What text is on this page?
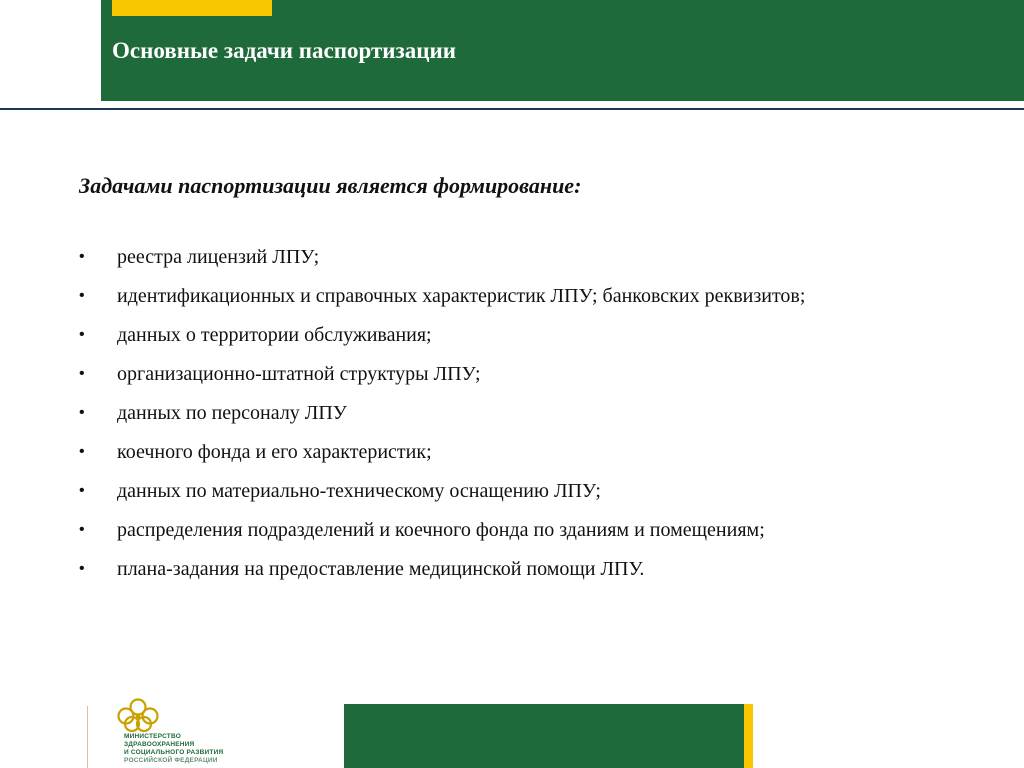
Основные задачи паспортизации

Задачами паспортизации является формирование:

•	реестра лицензий ЛПУ;
•	идентификационных и справочных характеристик ЛПУ; банковских реквизитов;
•	данных о территории обслуживания;
•	организационно-штатной структуры ЛПУ;
•	данных по персоналу ЛПУ
•	коечного фонда и его характеристик;
•	данных по материально-техническому оснащению ЛПУ;
•	распределения подразделений и коечного фонда по зданиям и помещениям;
•	плана-задания на предоставление медицинской помощи ЛПУ.
МИНИСТЕРСТВО
ЗДРАВООХРАНЕНИЯ
И СОЦИАЛЬНОГО РАЗВИТИЯ
РОССИЙСКОЙ ФЕДЕРАЦИИ
